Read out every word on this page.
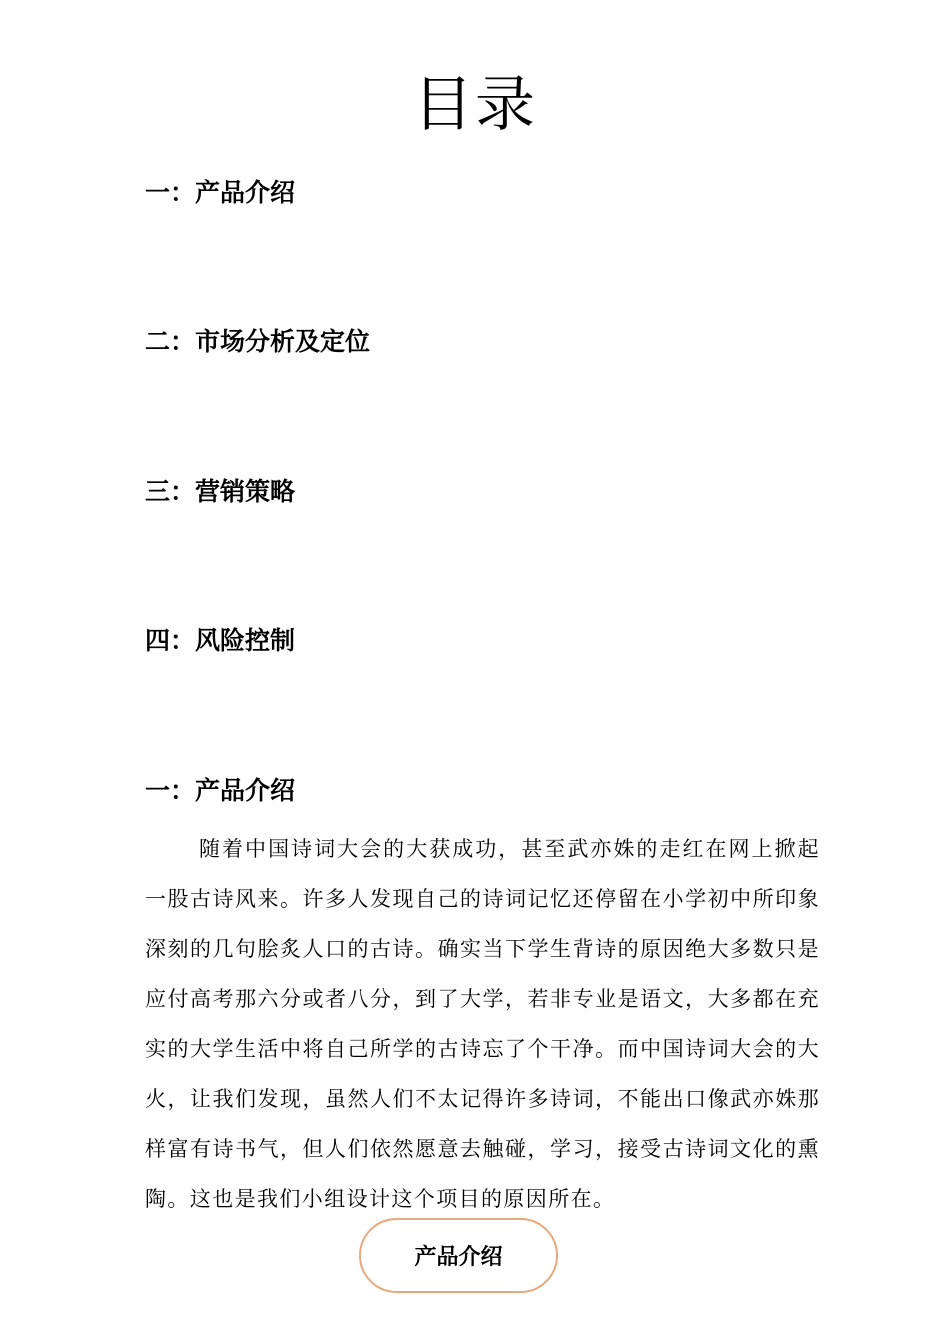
目录
一：产品介绍
二：市场分析及定位
三：营销策略
四：风险控制
一：产品介绍

随着中国诗词大会的大获成功，甚至武亦姝的走红在网上掀起一股古诗风来。许多人发现自己的诗词记忆还停留在小学初中所印象深刻的几句脍炙人口的古诗。确实当下学生背诗的原因绝大多数只是应付高考那六分或者八分，到了大学，若非专业是语文，大多都在充实的大学生活中将自己所学的古诗忘了个干净。而中国诗词大会的大火，让我们发现，虽然人们不太记得许多诗词，不能出口像武亦姝那样富有诗书气，但人们依然愿意去触碰，学习，接受古诗词文化的熏陶。这也是我们小组设计这个项目的原因所在。

产品介绍
